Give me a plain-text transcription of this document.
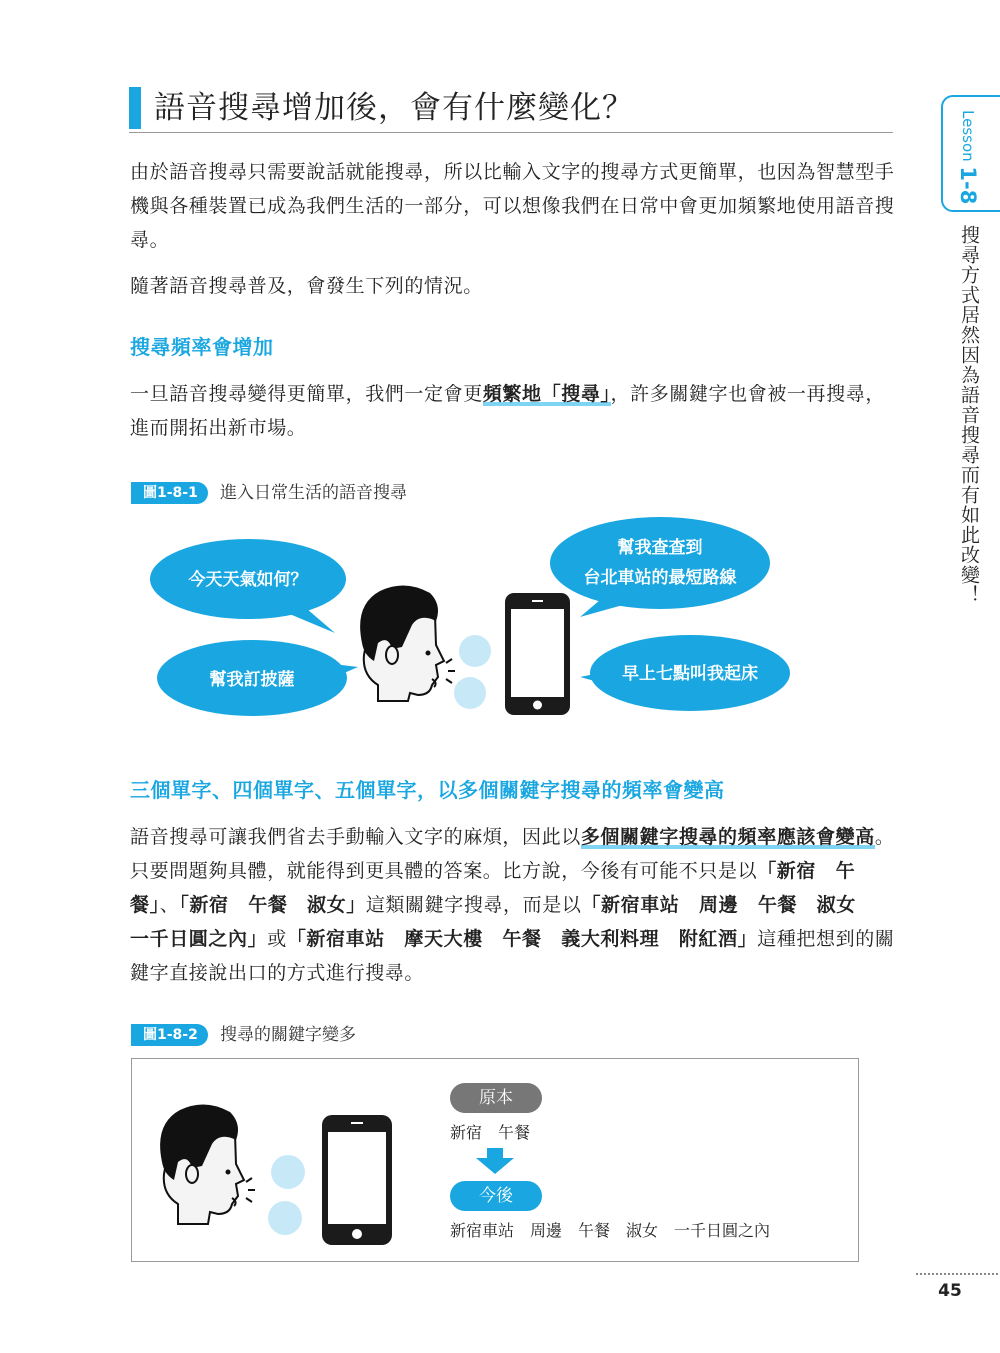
語音搜尋增加後，會有什麼變化？
由於語音搜尋只需要說話就能搜尋，所以比輸入文字的搜尋方式更簡單，也因為智慧型手機與各種裝置已成為我們生活的一部分，可以想像我們在日常中會更加頻繁地使用語音搜尋。
隨著語音搜尋普及，會發生下列的情況。
搜尋頻率會增加
一旦語音搜尋變得更簡單，我們一定會更頻繁地「搜尋」，許多關鍵字也會被一再搜尋，進而開拓出新市場。
圖1-8-1	進入日常生活的語音搜尋
今天天氣如何？
幫我訂披薩
幫我查查到
台北車站的最短路線
早上七點叫我起床
三個單字、四個單字、五個單字，以多個關鍵字搜尋的頻率會變高
語音搜尋可讓我們省去手動輸入文字的麻煩，因此以多個關鍵字搜尋的頻率應該會變高。只要問題夠具體，就能得到更具體的答案。比方說，今後有可能不只是以「新宿　午餐」、「新宿　午餐　淑女」這類關鍵字搜尋，而是以「新宿車站　周邊　午餐　淑女　一千日圓之內」或「新宿車站　摩天大樓　午餐　義大利料理　附紅酒」這種把想到的關鍵字直接說出口的方式進行搜尋。
圖1-8-2	搜尋的關鍵字變多
原本
新宿　午餐
今後
新宿車站　周邊　午餐　淑女　一千日圓之內
Lesson 1-8
搜尋方式居然因為語音搜尋而有如此改變！
45
